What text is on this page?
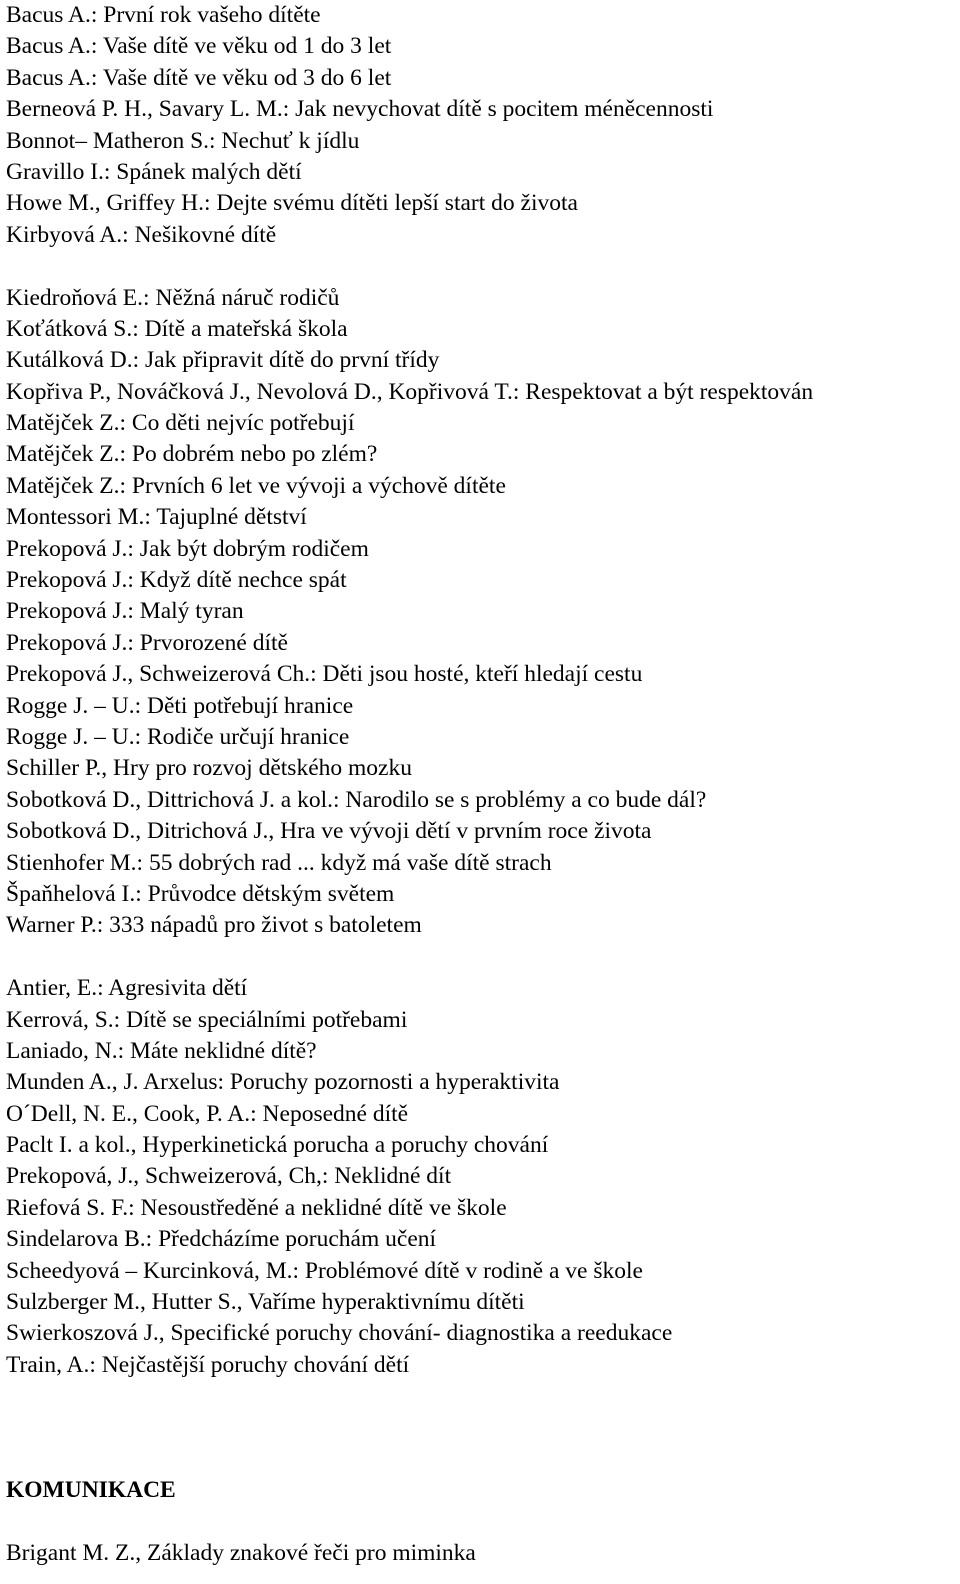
Bacus A.: První rok vašeho dítěte
Bacus A.: Vaše dítě ve věku od 1 do 3 let
Bacus A.: Vaše dítě ve věku od 3 do 6 let
Berneová P. H., Savary L. M.: Jak nevychovat dítě s pocitem méněcennosti
Bonnot– Matheron S.: Nechuť k jídlu
Gravillo I.: Spánek malých dětí
Howe M., Griffey H.: Dejte svému dítěti lepší start do života
Kirbyová A.: Nešikovné dítě
Kiedroňová E.: Něžná náruč rodičů
Koťátková S.: Dítě a mateřská škola
Kutálková D.: Jak připravit dítě do první třídy
Kopřiva P., Nováčková J., Nevolová D., Kopřivová T.: Respektovat a být respektován
Matějček Z.: Co děti nejvíc potřebují
Matějček Z.: Po dobrém nebo po zlém?
Matějček Z.: Prvních 6 let ve vývoji a výchově dítěte
Montessori M.: Tajuplné dětství
Prekopová J.: Jak být dobrým rodičem
Prekopová J.: Když dítě nechce spát
Prekopová J.: Malý tyran
Prekopová J.: Prvorozené dítě
Prekopová J., Schweizerová Ch.: Děti jsou hosté, kteří hledají cestu
Rogge J. – U.: Děti potřebují hranice
Rogge J. – U.: Rodiče určují hranice
Schiller P., Hry pro rozvoj dětského mozku
Sobotková D., Dittrichová J. a kol.: Narodilo se s problémy a co bude dál?
Sobotková D., Ditrichová J., Hra ve vývoji dětí v prvním roce života
Stienhofer M.: 55 dobrých rad ... když má vaše dítě strach
Špaňhelová I.: Průvodce dětským světem
Warner P.: 333 nápadů pro život s batoletem
Antier, E.: Agresivita dětí
Kerrová, S.: Dítě se speciálními potřebami
Laniado, N.: Máte neklidné dítě?
Munden A., J. Arxelus: Poruchy pozornosti a hyperaktivita
O´Dell, N. E., Cook, P. A.: Neposedné dítě
Paclt I. a kol., Hyperkinetická porucha a poruchy chování
Prekopová, J., Schweizerová, Ch,: Neklidné dít
Riefová S. F.: Nesoustředěné a neklidné dítě ve škole
Sindelarova B.: Předcházíme poruchám učení
Scheedyová – Kurcinková, M.: Problémové dítě v rodině a ve škole
Sulzberger M., Hutter S., Vaříme hyperaktivnímu dítěti
Swierkoszová J., Specifické poruchy chování- diagnostika a reedukace
Train, A.: Nejčastější poruchy chování dětí
KOMUNIKACE
Brigant M. Z., Základy znakové řeči pro miminka
